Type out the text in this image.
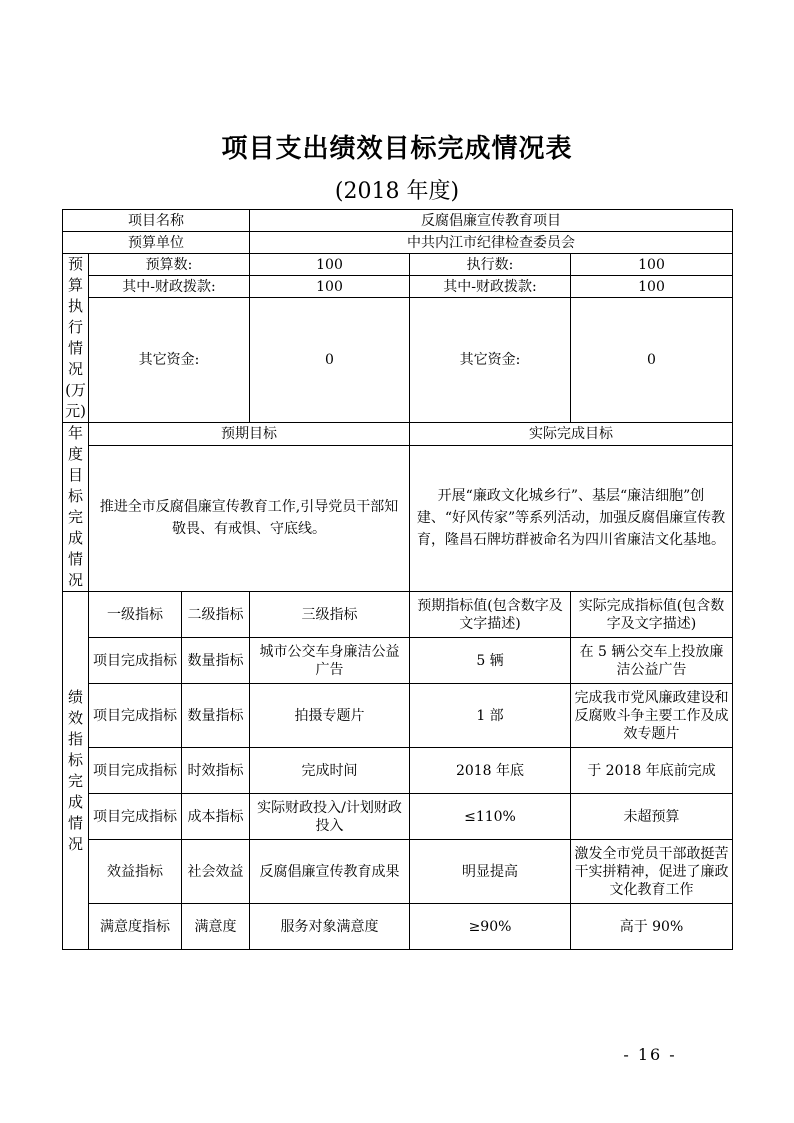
项目支出绩效目标完成情况表
(2018 年度)
项目名称			反腐倡廉宣传教育项目		
预算单位			中共内江市纪律检查委员会		
预算执行情况(万元)	预算数:		100	执行数:	100
	其中-财政拨款:		100	其中-财政拨款:	100
	其它资金:		0	其它资金:	0
年度目标完成情况	预期目标			实际完成目标	
	推进全市反腐倡廉宣传教育工作,引导党员干部知敬畏、有戒惧、守底线。			开展“廉政文化城乡行”、基层“廉洁细胞”创建、“好风传家”等系列活动，加强反腐倡廉宣传教育，隆昌石牌坊群被命名为四川省廉洁文化基地。	
绩效指标完成情况	一级指标	二级指标	三级指标	预期指标值(包含数字及文字描述)	实际完成指标值(包含数字及文字描述)
	项目完成指标	数量指标	城市公交车身廉洁公益广告	5 辆	在 5 辆公交车上投放廉洁公益广告
	项目完成指标	数量指标	拍摄专题片	1 部	完成我市党风廉政建设和反腐败斗争主要工作及成效专题片
	项目完成指标	时效指标	完成时间	2018 年底	于 2018 年底前完成
	项目完成指标	成本指标	实际财政投入/计划财政投入	≤110%	未超预算
	效益指标	社会效益	反腐倡廉宣传教育成果	明显提高	激发全市党员干部敢挺苦干实拼精神，促进了廉政文化教育工作
	满意度指标	满意度	服务对象满意度	≥90%	高于 90%
- 16 -
